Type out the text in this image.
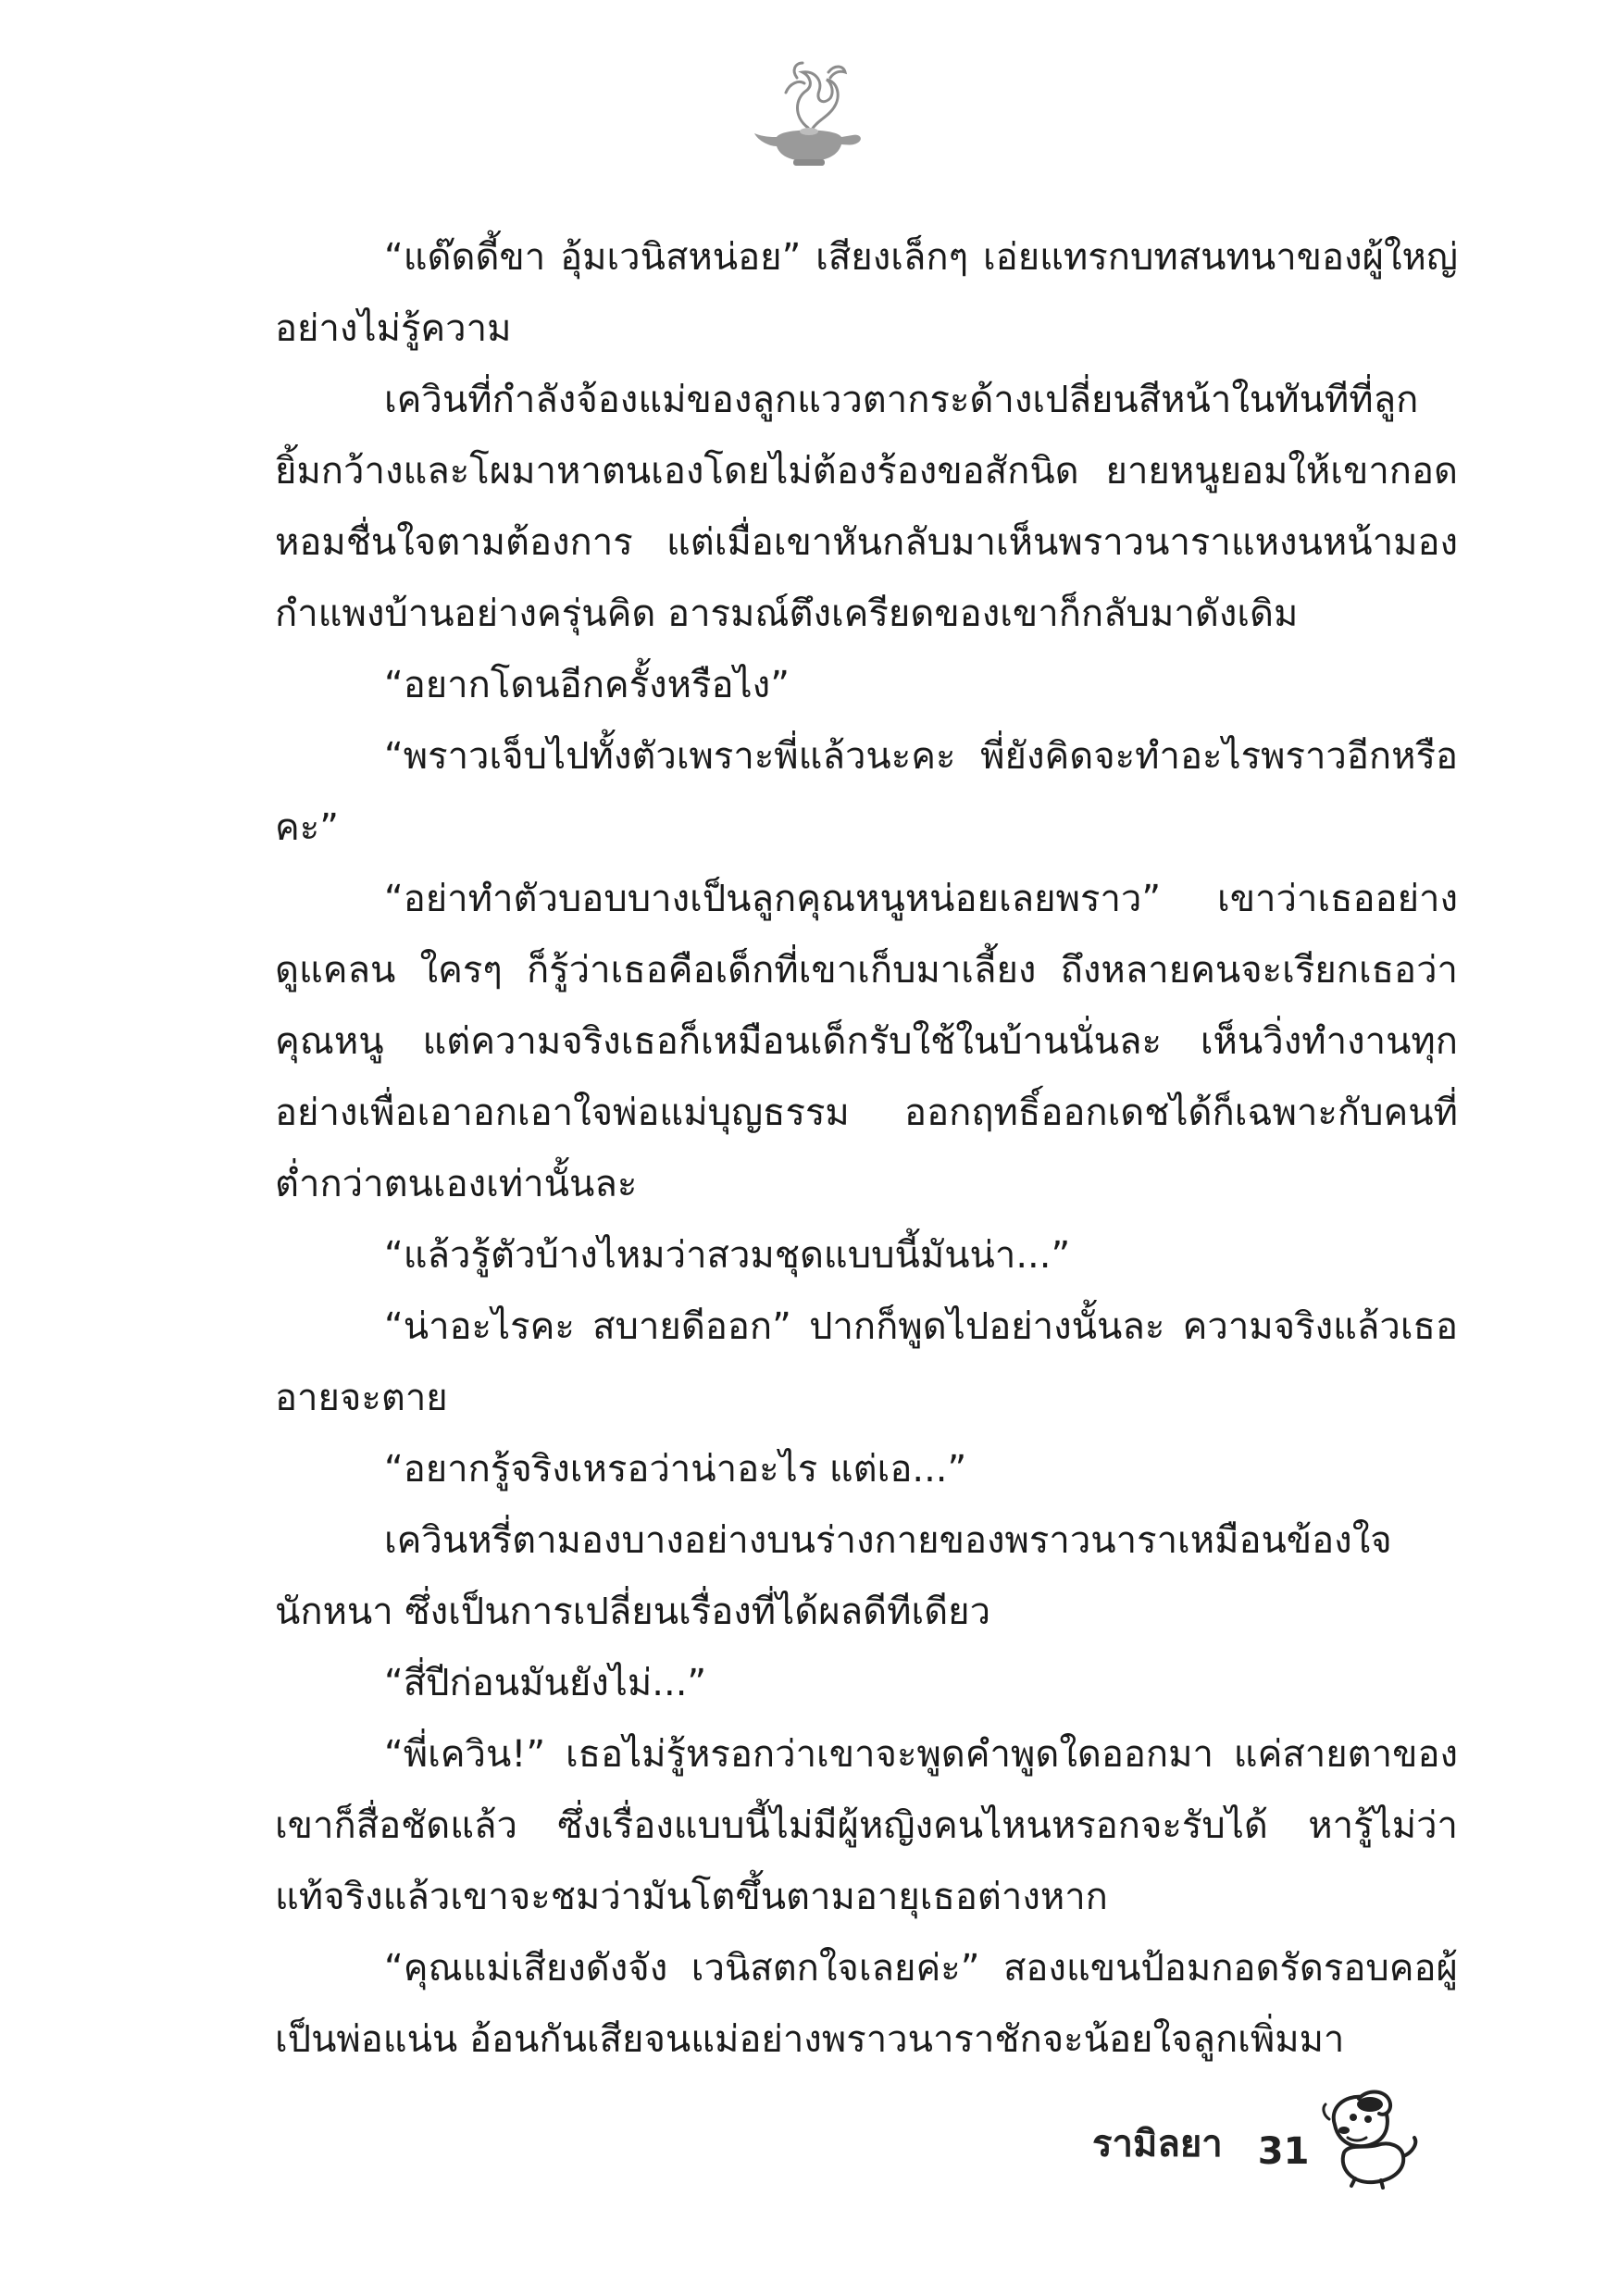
“แด๊ดดี้ขา อุ้มเวนิสหน่อย” เสียงเล็กๆ เอ่ยแทรกบทสนทนาของผู้ใหญ่อย่างไม่รู้ความ

เควินที่กำลังจ้องแม่ของลูกแววตากระด้างเปลี่ยนสีหน้าในทันทีที่ลูกยิ้มกว้างและโผมาหาตนเองโดยไม่ต้องร้องขอสักนิด ยายหนูยอมให้เขากอดหอมชื่นใจตามต้องการ แต่เมื่อเขาหันกลับมาเห็นพราวนาราแหงนหน้ามองกำแพงบ้านอย่างครุ่นคิด อารมณ์ตึงเครียดของเขาก็กลับมาดังเดิม

“อยากโดนอีกครั้งหรือไง”

“พราวเจ็บไปทั้งตัวเพราะพี่แล้วนะคะ พี่ยังคิดจะทำอะไรพราวอีกหรือคะ”

“อย่าทำตัวบอบบางเป็นลูกคุณหนูหน่อยเลยพราว” เขาว่าเธออย่างดูแคลน ใครๆ ก็รู้ว่าเธอคือเด็กที่เขาเก็บมาเลี้ยง ถึงหลายคนจะเรียกเธอว่าคุณหนู แต่ความจริงเธอก็เหมือนเด็กรับใช้ในบ้านนั่นละ เห็นวิ่งทำงานทุกอย่างเพื่อเอาอกเอาใจพ่อแม่บุญธรรม ออกฤทธิ์ออกเดชได้ก็เฉพาะกับคนที่ต่ำกว่าตนเองเท่านั้นละ

“แล้วรู้ตัวบ้างไหมว่าสวมชุดแบบนี้มันน่า...”

“น่าอะไรคะ สบายดีออก” ปากก็พูดไปอย่างนั้นละ ความจริงแล้วเธออายจะตาย

“อยากรู้จริงเหรอว่าน่าอะไร แต่เอ...”

เควินหรี่ตามองบางอย่างบนร่างกายของพราวนาราเหมือนข้องใจนักหนา ซึ่งเป็นการเปลี่ยนเรื่องที่ได้ผลดีทีเดียว

“สี่ปีก่อนมันยังไม่...”

“พี่เควิน!” เธอไม่รู้หรอกว่าเขาจะพูดคำพูดใดออกมา แค่สายตาของเขาก็สื่อชัดแล้ว ซึ่งเรื่องแบบนี้ไม่มีผู้หญิงคนไหนหรอกจะรับได้ หารู้ไม่ว่าแท้จริงแล้วเขาจะชมว่ามันโตขึ้นตามอายุเธอต่างหาก

“คุณแม่เสียงดังจัง เวนิสตกใจเลยค่ะ” สองแขนป้อมกอดรัดรอบคอผู้เป็นพ่อแน่น อ้อนกันเสียจนแม่อย่างพราวนาราชักจะน้อยใจลูกเพิ่มมา

รามิลยา 31
